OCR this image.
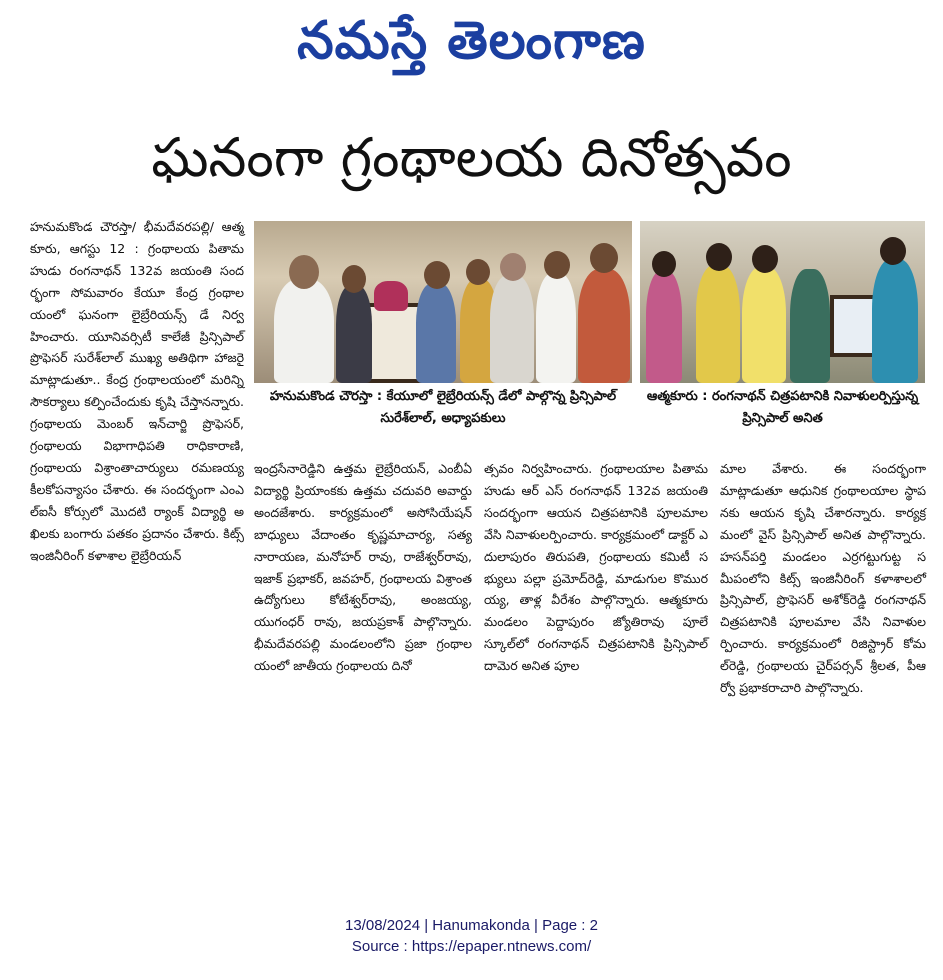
నమస్తే తెలంగాణ
ఘనంగా గ్రంథాలయ దినోత్సవం
హనుమకొండ చౌరస్తా : కేయూలో లైబ్రేరియన్స్ డేలో పాల్గొన్న ప్రిన్సిపాల్ సురేశ్‌లాల్, అధ్యాపకులు
ఆత్మకూరు : రంగనాథన్ చిత్రపటానికి నివాళులర్పిస్తున్న ప్రిన్సిపాల్ అనిత

హనుమకొండ చౌరస్తా/ భీమదేవరపల్లి/ ఆత్మకూరు, ఆగస్టు 12 : గ్రంథాలయ పితామహుడు రంగనాథన్ 132వ జయంతి సందర్భంగా సోమవారం కేయూ కేంద్ర గ్రంథాలయంలో ఘనంగా లైబ్రేరియన్స్ డే నిర్వహించారు. యూనివర్సిటీ కాలేజీ ప్రిన్సిపాల్ ప్రొఫెసర్ సురేశ్‌లాల్ ముఖ్య అతిథిగా హాజరై మాట్లాడుతూ.. కేంద్ర గ్రంథాలయంలో మరిన్ని సౌకర్యాలు కల్పించేందుకు కృషి చేస్తానన్నారు. గ్రంథాలయ మెంబర్ ఇన్‌చార్జి ప్రొఫెసర్, గ్రంథాలయ విభాగాధిపతి రాధికారాణి, గ్రంథాలయ విశ్రాంతాచార్యులు రమణయ్య కీలకోపన్యాసం చేశారు. ఈ సందర్భంగా ఎంఎల్‌ఐసీ కోర్సులో మొదటి ర్యాంక్ విద్యార్థి అఖిలకు బంగారు పతకం ప్రదానం చేశారు. కిట్స్ ఇంజినీరింగ్ కళాశాల లైబ్రేరియన్

ఇంద్రసేనారెడ్డిని ఉత్తమ లైబ్రేరియన్, ఎంబీఏ విద్యార్థి ప్రియాంకకు ఉత్తమ చదువరి అవార్డు అందజేశారు. కార్యక్రమంలో అసోసియేషన్ బాధ్యులు వేదాంతం కృష్ణమాచార్య, సత్యనారాయణ, మనోహర్ రావు, రాజేశ్వర్‌రావు, ఇజాక్ ప్రభాకర్, జవహర్, గ్రంథాలయ విశ్రాంత ఉద్యోగులు కోటేశ్వర్‌రావు, అంజయ్య, యుగంధర్ రావు, జయప్రకాశ్ పాల్గొన్నారు. భీమదేవరపల్లి మండలంలోని ప్రజా గ్రంథాలయంలో జాతీయ గ్రంథాలయ దినో

త్సవం నిర్వహించారు. గ్రంథాలయాల పితామహుడు ఆర్ ఎస్ రంగనాథన్ 132వ జయంతి సందర్భంగా ఆయన చిత్రపటానికి పూలమాల వేసి నివాళులర్పించారు. కార్యక్రమంలో డాక్టర్ ఎదులాపురం తిరుపతి, గ్రంథాలయ కమిటీ సభ్యులు పల్లా ప్రమోద్‌రెడ్డి, మాడుగుల కొమురయ్య, తాళ్ల వీరేశం పాల్గొన్నారు. ఆత్మకూరు మండలం పెద్దాపురం జ్యోతిరావు పూలే స్కూల్‌లో రంగనాథన్ చిత్రపటానికి ప్రిన్సిపాల్ దామెర అనిత పూల

మాల వేశారు. ఈ సందర్భంగా మాట్లాడుతూ ఆధునిక గ్రంథాలయాల స్థాపనకు ఆయన కృషి చేశారన్నారు. కార్యక్రమంలో వైస్ ప్రిన్సిపాల్ అనిత పాల్గొన్నారు. హసన్‌పర్తి మండలం ఎర్రగట్టుగుట్ట సమీపంలోని కిట్స్ ఇంజినీరింగ్ కళాశాలలో ప్రిన్సిపాల్, ప్రొఫెసర్ అశోక్‌రెడ్డి రంగనాథన్ చిత్రపటానికి పూలమాల వేసి నివాళులర్పించారు. కార్యక్రమంలో రిజిస్ట్రార్ కోమల్‌రెడ్డి, గ్రంథాలయ చైర్‌పర్సన్ శ్రీలత, పీఆర్వో ప్రభాకరాచారి పాల్గొన్నారు.

13/08/2024 | Hanumakonda | Page : 2
Source : https://epaper.ntnews.com/
